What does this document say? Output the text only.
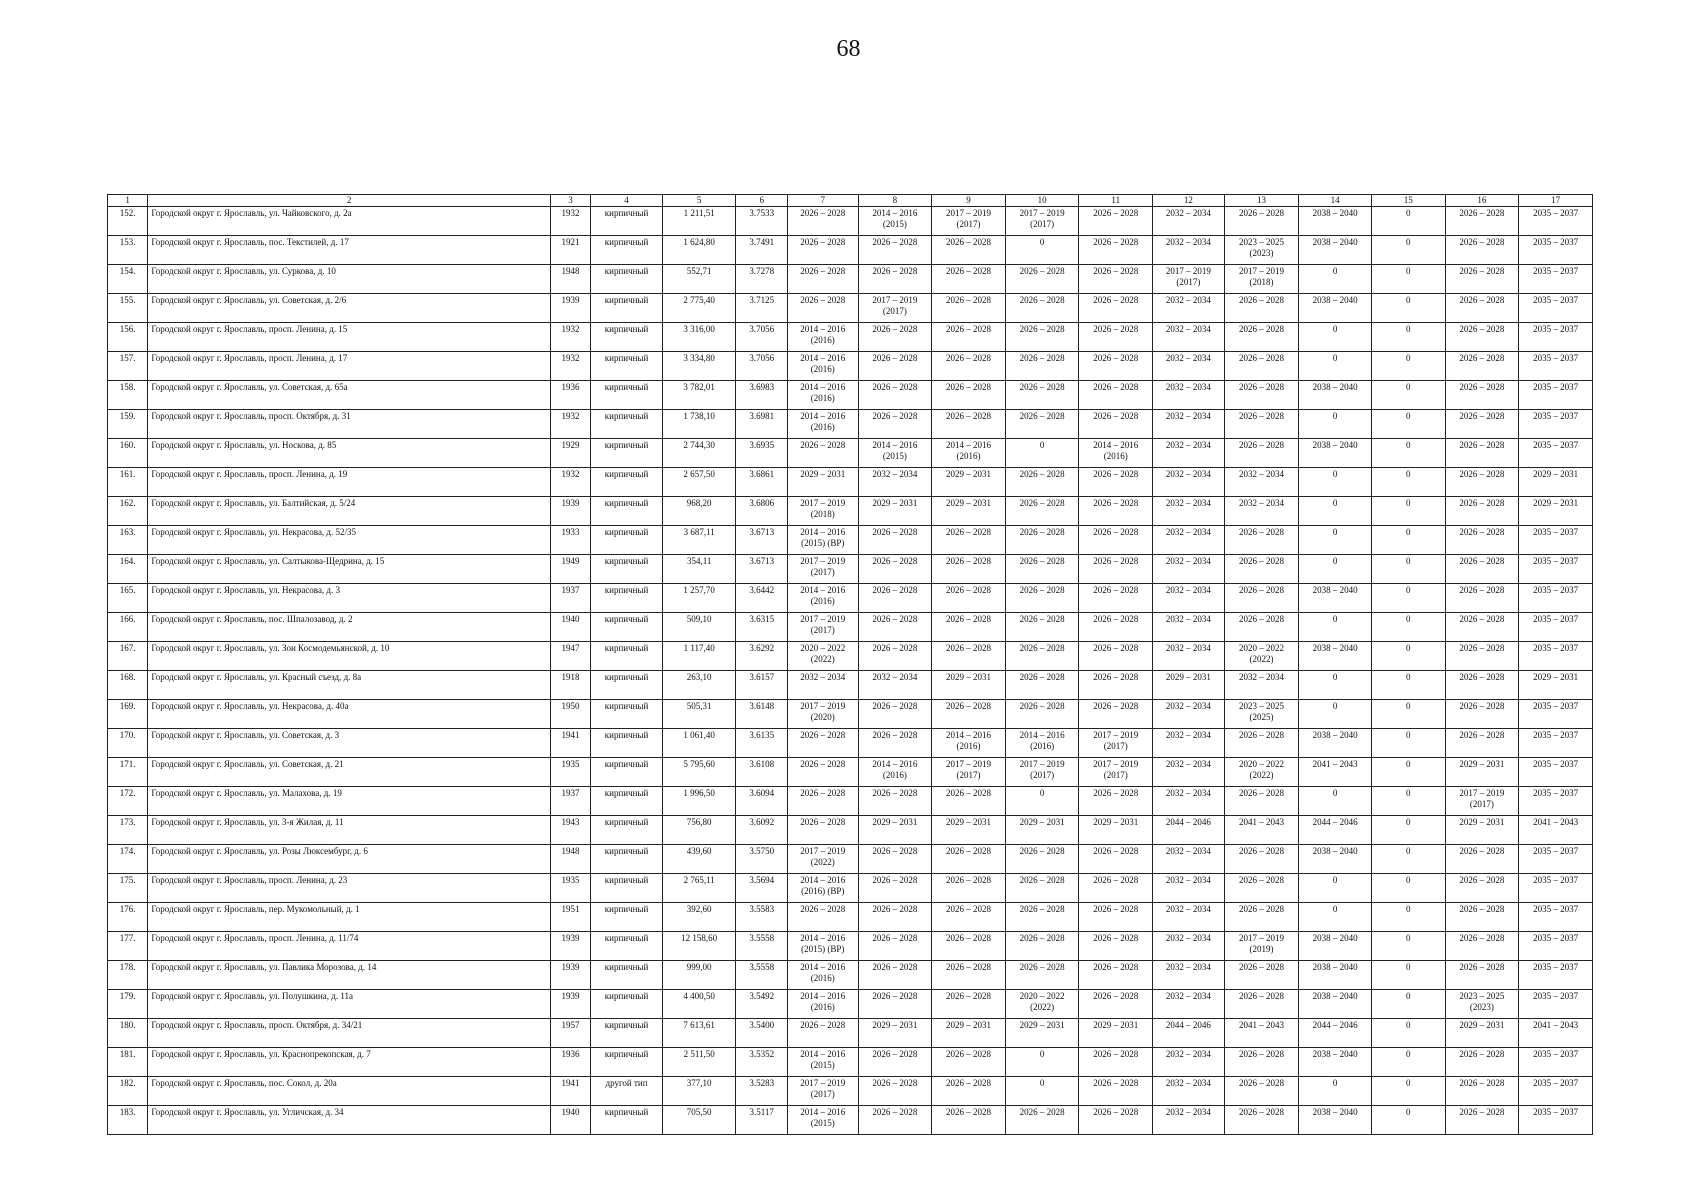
68
1	2	3	4	5	6	7	8	9	10	11	12	13	14	15	16	17

152.	Городской округ г. Ярославль, ул. Чайковского, д. 2а	1932	кирпичный	1 211,51	3.7533	2026 – 2028	2014 – 2016
(2015)	2017 – 2019
(2017)	2017 – 2019
(2017)	2026 – 2028	2032 – 2034	2026 – 2028	2038 – 2040	0	2026 – 2028	2035 – 2037

153.	Городской округ г. Ярославль, пос. Текстилей, д. 17	1921	кирпичный	1 624,80	3.7491	2026 – 2028	2026 – 2028	2026 – 2028	0	2026 – 2028	2032 – 2034	2023 – 2025
(2023)	2038 – 2040	0	2026 – 2028	2035 – 2037

154.	Городской округ г. Ярославль, ул. Суркова, д. 10	1948	кирпичный	552,71	3.7278	2026 – 2028	2026 – 2028	2026 – 2028	2026 – 2028	2026 – 2028	2017 – 2019
(2017)	2017 – 2019
(2018)	0	0	2026 – 2028	2035 – 2037

155.	Городской округ г. Ярославль, ул. Советская, д. 2/6	1939	кирпичный	2 775,40	3.7125	2026 – 2028	2017 – 2019
(2017)	2026 – 2028	2026 – 2028	2026 – 2028	2032 – 2034	2026 – 2028	2038 – 2040	0	2026 – 2028	2035 – 2037

156.	Городской округ г. Ярославль, просп. Ленина, д. 15	1932	кирпичный	3 316,00	3.7056	2014 – 2016
(2016)	2026 – 2028	2026 – 2028	2026 – 2028	2026 – 2028	2032 – 2034	2026 – 2028	0	0	2026 – 2028	2035 – 2037

157.	Городской округ г. Ярославль, просп. Ленина, д. 17	1932	кирпичный	3 334,80	3.7056	2014 – 2016
(2016)	2026 – 2028	2026 – 2028	2026 – 2028	2026 – 2028	2032 – 2034	2026 – 2028	0	0	2026 – 2028	2035 – 2037

158.	Городской округ г. Ярославль, ул. Советская, д. 65а	1936	кирпичный	3 782,01	3.6983	2014 – 2016
(2016)	2026 – 2028	2026 – 2028	2026 – 2028	2026 – 2028	2032 – 2034	2026 – 2028	2038 – 2040	0	2026 – 2028	2035 – 2037

159.	Городской округ г. Ярославль, просп. Октября, д. 31	1932	кирпичный	1 738,10	3.6981	2014 – 2016
(2016)	2026 – 2028	2026 – 2028	2026 – 2028	2026 – 2028	2032 – 2034	2026 – 2028	0	0	2026 – 2028	2035 – 2037

160.	Городской округ г. Ярославль, ул. Носкова, д. 85	1929	кирпичный	2 744,30	3.6935	2026 – 2028	2014 – 2016
(2015)	2014 – 2016
(2016)	0	2014 – 2016
(2016)	2032 – 2034	2026 – 2028	2038 – 2040	0	2026 – 2028	2035 – 2037

161.	Городской округ г. Ярославль, просп. Ленина, д. 19	1932	кирпичный	2 657,50	3.6861	2029 – 2031	2032 – 2034	2029 – 2031	2026 – 2028	2026 – 2028	2032 – 2034	2032 – 2034	0	0	2026 – 2028	2029 – 2031

162.	Городской округ г. Ярославль, ул. Балтийская, д. 5/24	1939	кирпичный	968,20	3.6806	2017 – 2019
(2018)	2029 – 2031	2029 – 2031	2026 – 2028	2026 – 2028	2032 – 2034	2032 – 2034	0	0	2026 – 2028	2029 – 2031

163.	Городской округ г. Ярославль, ул. Некрасова, д. 52/35	1933	кирпичный	3 687,11	3.6713	2014 – 2016
(2015) (ВР)	2026 – 2028	2026 – 2028	2026 – 2028	2026 – 2028	2032 – 2034	2026 – 2028	0	0	2026 – 2028	2035 – 2037

164.	Городской округ г. Ярославль, ул. Салтыкова-Щедрина, д. 15	1949	кирпичный	354,11	3.6713	2017 – 2019
(2017)	2026 – 2028	2026 – 2028	2026 – 2028	2026 – 2028	2032 – 2034	2026 – 2028	0	0	2026 – 2028	2035 – 2037

165.	Городской округ г. Ярославль, ул. Некрасова, д. 3	1937	кирпичный	1 257,70	3.6442	2014 – 2016
(2016)	2026 – 2028	2026 – 2028	2026 – 2028	2026 – 2028	2032 – 2034	2026 – 2028	2038 – 2040	0	2026 – 2028	2035 – 2037

166.	Городской округ г. Ярославль, пос. Шпалозавод, д. 2	1940	кирпичный	509,10	3.6315	2017 – 2019
(2017)	2026 – 2028	2026 – 2028	2026 – 2028	2026 – 2028	2032 – 2034	2026 – 2028	0	0	2026 – 2028	2035 – 2037

167.	Городской округ г. Ярославль, ул. Зои Космодемьянской, д. 10	1947	кирпичный	1 117,40	3.6292	2020 – 2022
(2022)	2026 – 2028	2026 – 2028	2026 – 2028	2026 – 2028	2032 – 2034	2020 – 2022
(2022)	2038 – 2040	0	2026 – 2028	2035 – 2037

168.	Городской округ г. Ярославль, ул. Красный съезд, д. 8а	1918	кирпичный	263,10	3.6157	2032 – 2034	2032 – 2034	2029 – 2031	2026 – 2028	2026 – 2028	2029 – 2031	2032 – 2034	0	0	2026 – 2028	2029 – 2031

169.	Городской округ г. Ярославль, ул. Некрасова, д. 40а	1950	кирпичный	505,31	3.6148	2017 – 2019
(2020)	2026 – 2028	2026 – 2028	2026 – 2028	2026 – 2028	2032 – 2034	2023 – 2025
(2025)	0	0	2026 – 2028	2035 – 2037

170.	Городской округ г. Ярославль, ул. Советская, д. 3	1941	кирпичный	1 061,40	3.6135	2026 – 2028	2026 – 2028	2014 – 2016
(2016)	2014 – 2016
(2016)	2017 – 2019
(2017)	2032 – 2034	2026 – 2028	2038 – 2040	0	2026 – 2028	2035 – 2037

171.	Городской округ г. Ярославль, ул. Советская, д. 21	1935	кирпичный	5 795,60	3.6108	2026 – 2028	2014 – 2016
(2016)	2017 – 2019
(2017)	2017 – 2019
(2017)	2017 – 2019
(2017)	2032 – 2034	2020 – 2022
(2022)	2041 – 2043	0	2029 – 2031	2035 – 2037

172.	Городской округ г. Ярославль, ул. Малахова, д. 19	1937	кирпичный	1 996,50	3.6094	2026 – 2028	2026 – 2028	2026 – 2028	0	2026 – 2028	2032 – 2034	2026 – 2028	0	0	2017 – 2019
(2017)	2035 – 2037

173.	Городской округ г. Ярославль, ул. 3-я Жилая, д. 11	1943	кирпичный	756,80	3.6092	2026 – 2028	2029 – 2031	2029 – 2031	2029 – 2031	2029 – 2031	2044 – 2046	2041 – 2043	2044 – 2046	0	2029 – 2031	2041 – 2043

174.	Городской округ г. Ярославль, ул. Розы Люксембург, д. 6	1948	кирпичный	439,60	3.5750	2017 – 2019
(2022)	2026 – 2028	2026 – 2028	2026 – 2028	2026 – 2028	2032 – 2034	2026 – 2028	2038 – 2040	0	2026 – 2028	2035 – 2037

175.	Городской округ г. Ярославль, просп. Ленина, д. 23	1935	кирпичный	2 765,11	3.5694	2014 – 2016
(2016) (ВР)	2026 – 2028	2026 – 2028	2026 – 2028	2026 – 2028	2032 – 2034	2026 – 2028	0	0	2026 – 2028	2035 – 2037

176.	Городской округ г. Ярославль, пер. Мукомольный, д. 1	1951	кирпичный	392,60	3.5583	2026 – 2028	2026 – 2028	2026 – 2028	2026 – 2028	2026 – 2028	2032 – 2034	2026 – 2028	0	0	2026 – 2028	2035 – 2037

177.	Городской округ г. Ярославль, просп. Ленина, д. 11/74	1939	кирпичный	12 158,60	3.5558	2014 – 2016
(2015) (ВР)	2026 – 2028	2026 – 2028	2026 – 2028	2026 – 2028	2032 – 2034	2017 – 2019
(2019)	2038 – 2040	0	2026 – 2028	2035 – 2037

178.	Городской округ г. Ярославль, ул. Павлика Морозова, д. 14	1939	кирпичный	999,00	3.5558	2014 – 2016
(2016)	2026 – 2028	2026 – 2028	2026 – 2028	2026 – 2028	2032 – 2034	2026 – 2028	2038 – 2040	0	2026 – 2028	2035 – 2037

179.	Городской округ г. Ярославль, ул. Полушкина, д. 11а	1939	кирпичный	4 400,50	3.5492	2014 – 2016
(2016)	2026 – 2028	2026 – 2028	2020 – 2022
(2022)	2026 – 2028	2032 – 2034	2026 – 2028	2038 – 2040	0	2023 – 2025
(2023)	2035 – 2037

180.	Городской округ г. Ярославль, просп. Октября, д. 34/21	1957	кирпичный	7 613,61	3.5400	2026 – 2028	2029 – 2031	2029 – 2031	2029 – 2031	2029 – 2031	2044 – 2046	2041 – 2043	2044 – 2046	0	2029 – 2031	2041 – 2043

181.	Городской округ г. Ярославль, ул. Краснопрекопская, д. 7	1936	кирпичный	2 511,50	3.5352	2014 – 2016
(2015)	2026 – 2028	2026 – 2028	0	2026 – 2028	2032 – 2034	2026 – 2028	2038 – 2040	0	2026 – 2028	2035 – 2037

182.	Городской округ г. Ярославль, пос. Сокол, д. 20а	1941	другой тип	377,10	3.5283	2017 – 2019
(2017)	2026 – 2028	2026 – 2028	0	2026 – 2028	2032 – 2034	2026 – 2028	0	0	2026 – 2028	2035 – 2037

183.	Городской округ г. Ярославль, ул. Угличская, д. 34	1940	кирпичный	705,50	3.5117	2014 – 2016
(2015)	2026 – 2028	2026 – 2028	2026 – 2028	2026 – 2028	2032 – 2034	2026 – 2028	2038 – 2040	0	2026 – 2028	2035 – 2037
